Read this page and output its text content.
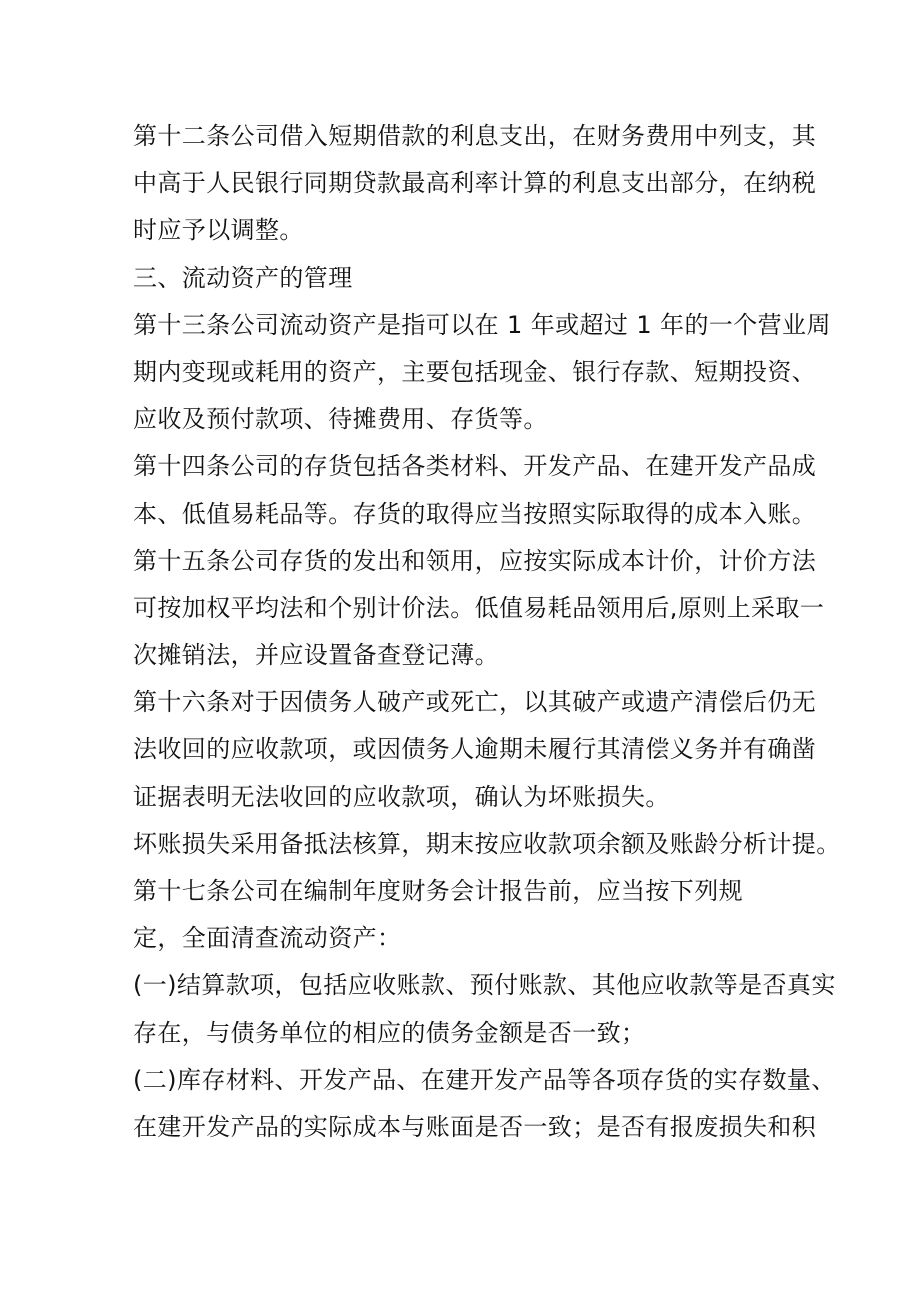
第十二条公司借入短期借款的利息支出，在财务费用中列支，其
中高于人民银行同期贷款最高利率计算的利息支出部分，在纳税
时应予以调整。
三、流动资产的管理
第十三条公司流动资产是指可以在 1 年或超过 1 年的一个营业周
期内变现或耗用的资产，主要包括现金、银行存款、短期投资、
应收及预付款项、待摊费用、存货等。
第十四条公司的存货包括各类材料、开发产品、在建开发产品成
本、低值易耗品等。存货的取得应当按照实际取得的成本入账。
第十五条公司存货的发出和领用，应按实际成本计价，计价方法
可按加权平均法和个别计价法。低值易耗品领用后,原则上采取一
次摊销法，并应设置备查登记薄。
第十六条对于因债务人破产或死亡，以其破产或遗产清偿后仍无
法收回的应收款项，或因债务人逾期未履行其清偿义务并有确凿
证据表明无法收回的应收款项，确认为坏账损失。
坏账损失采用备抵法核算，期末按应收款项余额及账龄分析计提。
第十七条公司在编制年度财务会计报告前，应当按下列规
定，全面清查流动资产：
(一)结算款项，包括应收账款、预付账款、其他应收款等是否真实
存在，与债务单位的相应的债务金额是否一致；
(二)库存材料、开发产品、在建开发产品等各项存货的实存数量、
在建开发产品的实际成本与账面是否一致；是否有报废损失和积
